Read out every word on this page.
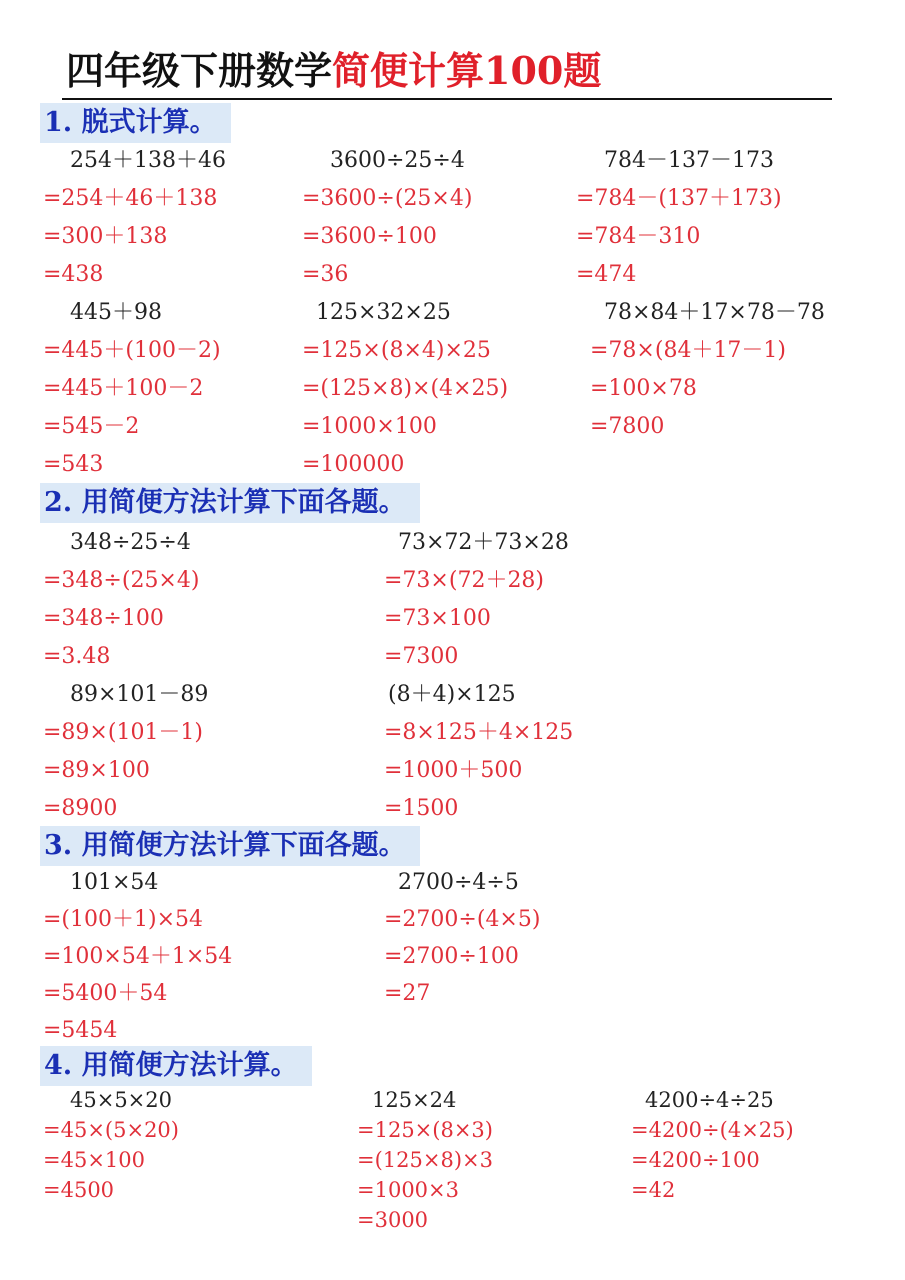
四年级下册数学简便计算100题
1. 脱式计算。
254＋138＋46
=254＋46＋138
=300＋138
=438
3600÷25÷4
=3600÷(25×4)
=3600÷100
=36
784－137－173
=784－(137＋173)
=784－310
=474
445＋98
=445＋(100－2)
=445＋100－2
=545－2
=543
125×32×25
=125×(8×4)×25
=(125×8)×(4×25)
=1000×100
=100000
78×84＋17×78－78
=78×(84＋17－1)
=100×78
=7800
2. 用简便方法计算下面各题。
348÷25÷4
=348÷(25×4)
=348÷100
=3.48
73×72＋73×28
=73×(72＋28)
=73×100
=7300
89×101－89
=89×(101－1)
=89×100
=8900
(8＋4)×125
=8×125＋4×125
=1000＋500
=1500
3. 用简便方法计算下面各题。
101×54
=(100＋1)×54
=100×54＋1×54
=5400＋54
=5454
2700÷4÷5
=2700÷(4×5)
=2700÷100
=27
4. 用简便方法计算。
45×5×20
=45×(5×20)
=45×100
=4500
125×24
=125×(8×3)
=(125×8)×3
=1000×3
=3000
4200÷4÷25
=4200÷(4×25)
=4200÷100
=42
